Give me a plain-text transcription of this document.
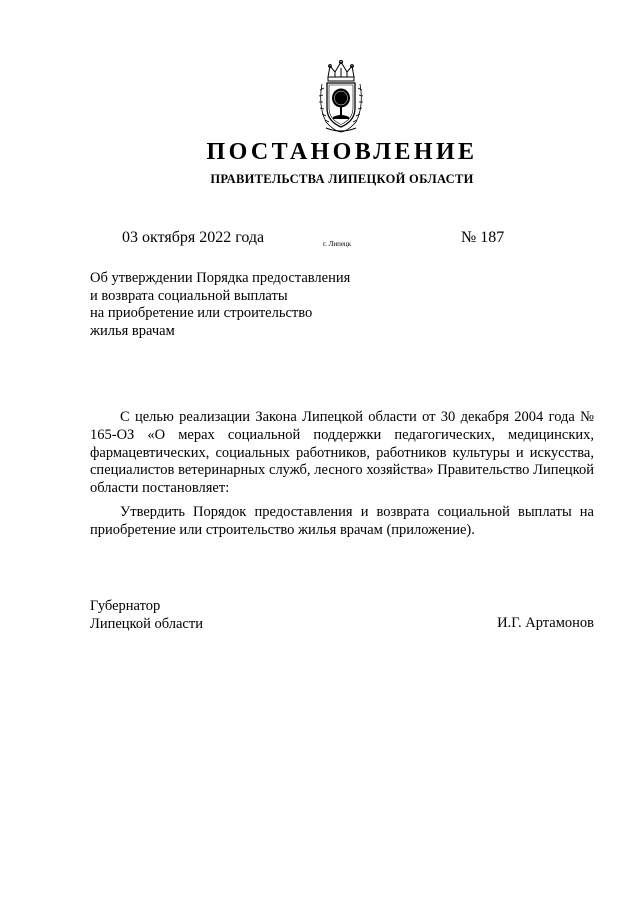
ПОСТАНОВЛЕНИЕ
ПРАВИТЕЛЬСТВА ЛИПЕЦКОЙ ОБЛАСТИ
03 октября 2022 года	г. Липецк	№ 187
Об утверждении Порядка предоставления
и возврата социальной выплаты
на приобретение или строительство
жилья врачам

С целью реализации Закона Липецкой области от 30 декабря 2004 года № 165-ОЗ «О мерах социальной поддержки педагогических, медицинских, фармацевтических, социальных работников, работников культуры и искусства, специалистов ветеринарных служб, лесного хозяйства» Правительство Липецкой области постановляет:

Утвердить Порядок предоставления и возврата социальной выплаты на приобретение или строительство жилья врачам (приложение).

Губернатор
Липецкой области	И.Г. Артамонов
